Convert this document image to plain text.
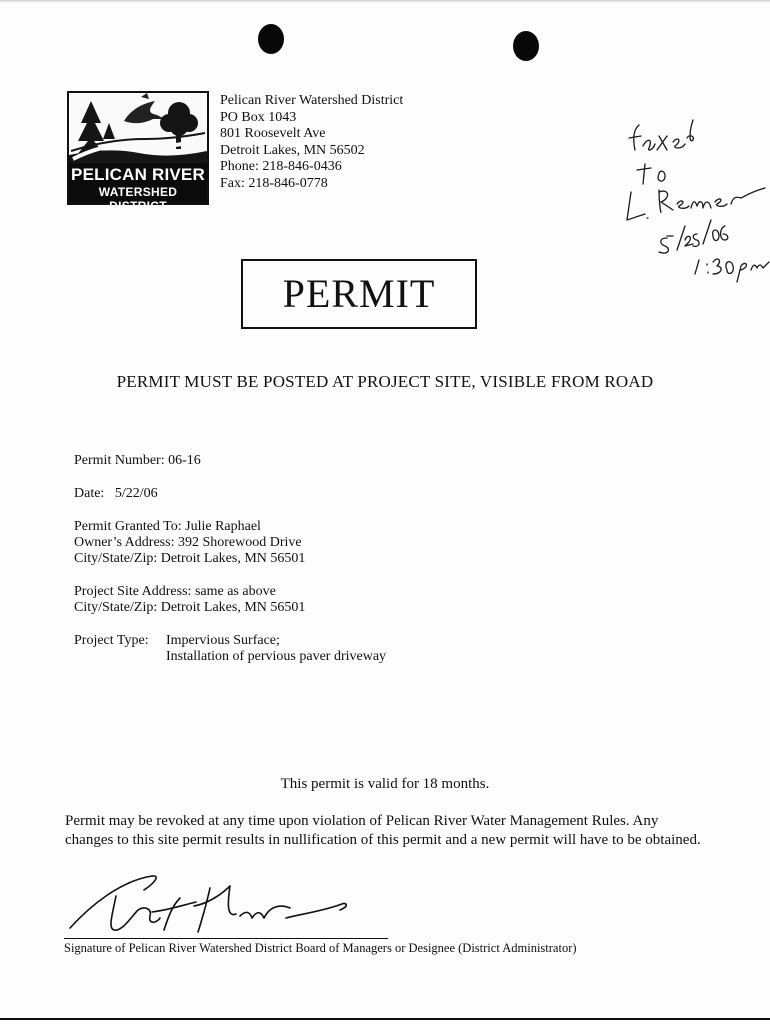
PELICAN RIVER
WATERSHED DISTRICT
Pelican River Watershed District
PO Box 1043
801 Roosevelt Ave
Detroit Lakes, MN 56502
Phone: 218-846-0436
Fax: 218-846-0778
PERMIT
PERMIT MUST BE POSTED AT PROJECT SITE, VISIBLE FROM ROAD
Permit Number: 06-16
Date: 5/22/06
Permit Granted To: Julie Raphael
Owner’s Address: 392 Shorewood Drive
City/State/Zip: Detroit Lakes, MN 56501
Project Site Address: same as above
City/State/Zip: Detroit Lakes, MN 56501
Project Type: Impervious Surface;
Installation of pervious paver driveway
This permit is valid for 18 months.
Permit may be revoked at any time upon violation of Pelican River Water Management Rules. Any changes to this site permit results in nullification of this permit and a new permit will have to be obtained.
Signature of Pelican River Watershed District Board of Managers or Designee (District Administrator)
